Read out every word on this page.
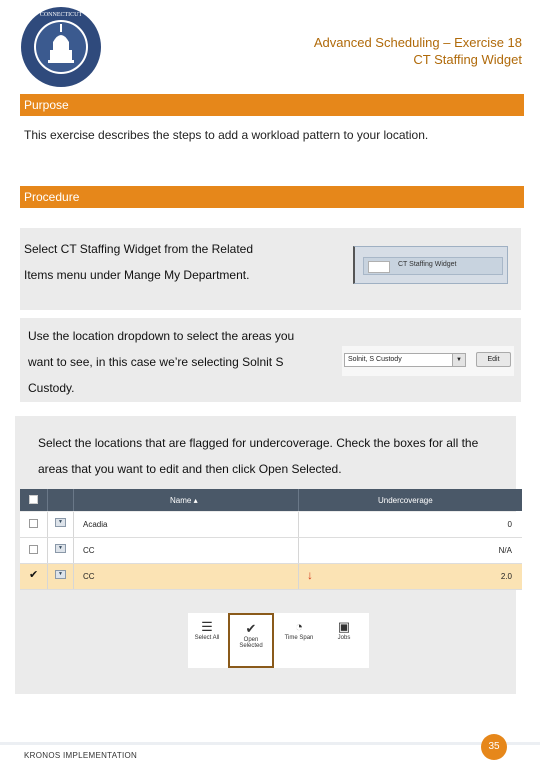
CONNECTICUT
Advanced Scheduling – Exercise 18
CT Staffing Widget
Purpose
This exercise describes the steps to add a workload pattern to your location.
Procedure
Select CT Staffing Widget from the Related
Items menu under Mange My Department.
CT Staffing Widget
Use the location dropdown to select the areas you
want to see, in this case we’re selecting Solnit S
Custody.
Solnit, S Custody	▼	Edit
Select the locations that are flagged for undercoverage. Check the boxes for all the
areas that you want to edit and then click Open Selected.
Name ▴	Undercoverage
▼	Acadia	0
▼	CC	N/A
✔	▼	CC	↓	2.0
☰
Select All
✔
Open
Selected
◔
Time Span
▣
Jobs
KRONOS IMPLEMENTATION
35
